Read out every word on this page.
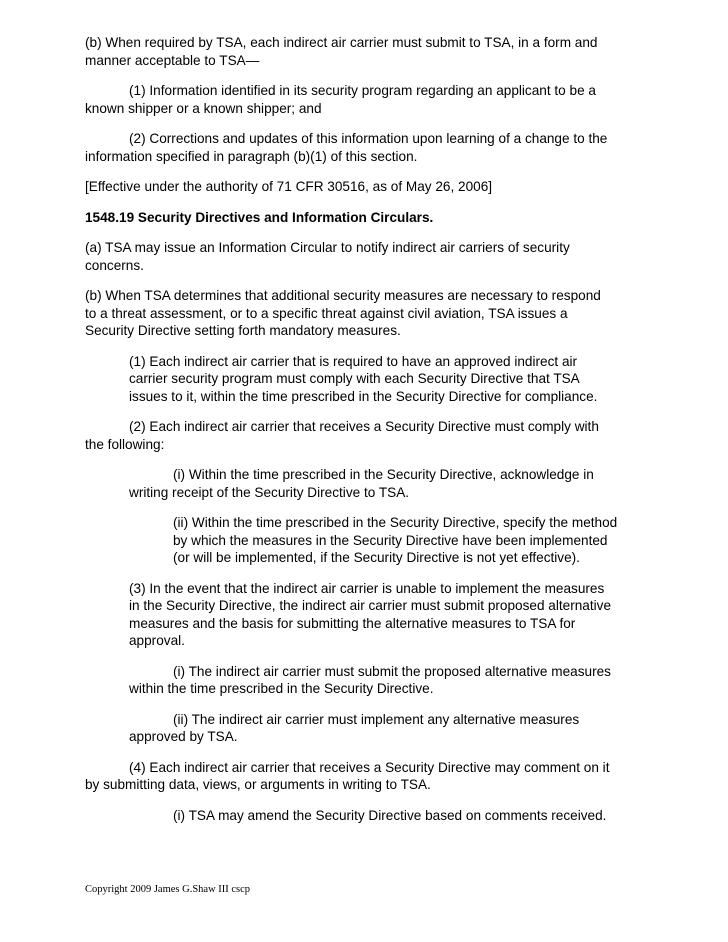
(b) When required by TSA, each indirect air carrier must submit to TSA, in a form and
manner acceptable to TSA—

(1) Information identified in its security program regarding an applicant to be a
known shipper or a known shipper; and

(2) Corrections and updates of this information upon learning of a change to the
information specified in paragraph (b)(1) of this section.

[Effective under the authority of 71 CFR 30516, as of May 26, 2006]

1548.19 Security Directives and Information Circulars.

(a) TSA may issue an Information Circular to notify indirect air carriers of security
concerns.

(b) When TSA determines that additional security measures are necessary to respond
to a threat assessment, or to a specific threat against civil aviation, TSA issues a
Security Directive setting forth mandatory measures.

(1) Each indirect air carrier that is required to have an approved indirect air
carrier security program must comply with each Security Directive that TSA
issues to it, within the time prescribed in the Security Directive for compliance.

(2) Each indirect air carrier that receives a Security Directive must comply with
the following:

(i) Within the time prescribed in the Security Directive, acknowledge in
writing receipt of the Security Directive to TSA.

(ii) Within the time prescribed in the Security Directive, specify the method
by which the measures in the Security Directive have been implemented
(or will be implemented, if the Security Directive is not yet effective).

(3) In the event that the indirect air carrier is unable to implement the measures
in the Security Directive, the indirect air carrier must submit proposed alternative
measures and the basis for submitting the alternative measures to TSA for
approval.

(i) The indirect air carrier must submit the proposed alternative measures
within the time prescribed in the Security Directive.

(ii) The indirect air carrier must implement any alternative measures
approved by TSA.

(4) Each indirect air carrier that receives a Security Directive may comment on it
by submitting data, views, or arguments in writing to TSA.

(i) TSA may amend the Security Directive based on comments received.

Copyright 2009 James G.Shaw III cscp
